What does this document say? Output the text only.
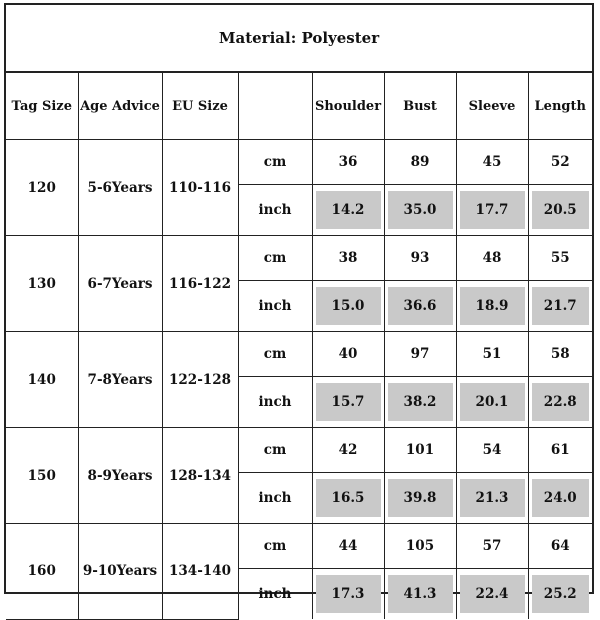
Material: Polyester
Tag Size	Age Advice	EU Size		Shoulder	Bust	Sleeve	Length
120	5-6Years	110-116	cm	36	89	45	52
			inch	14.2	35.0	17.7	20.5

130	6-7Years	116-122	cm	38	93	48	55
			inch	15.0	36.6	18.9	21.7

140	7-8Years	122-128	cm	40	97	51	58
			inch	15.7	38.2	20.1	22.8

150	8-9Years	128-134	cm	42	101	54	61
			inch	16.5	39.8	21.3	24.0

160	9-10Years	134-140	cm	44	105	57	64
			inch	17.3	41.3	22.4	25.2
